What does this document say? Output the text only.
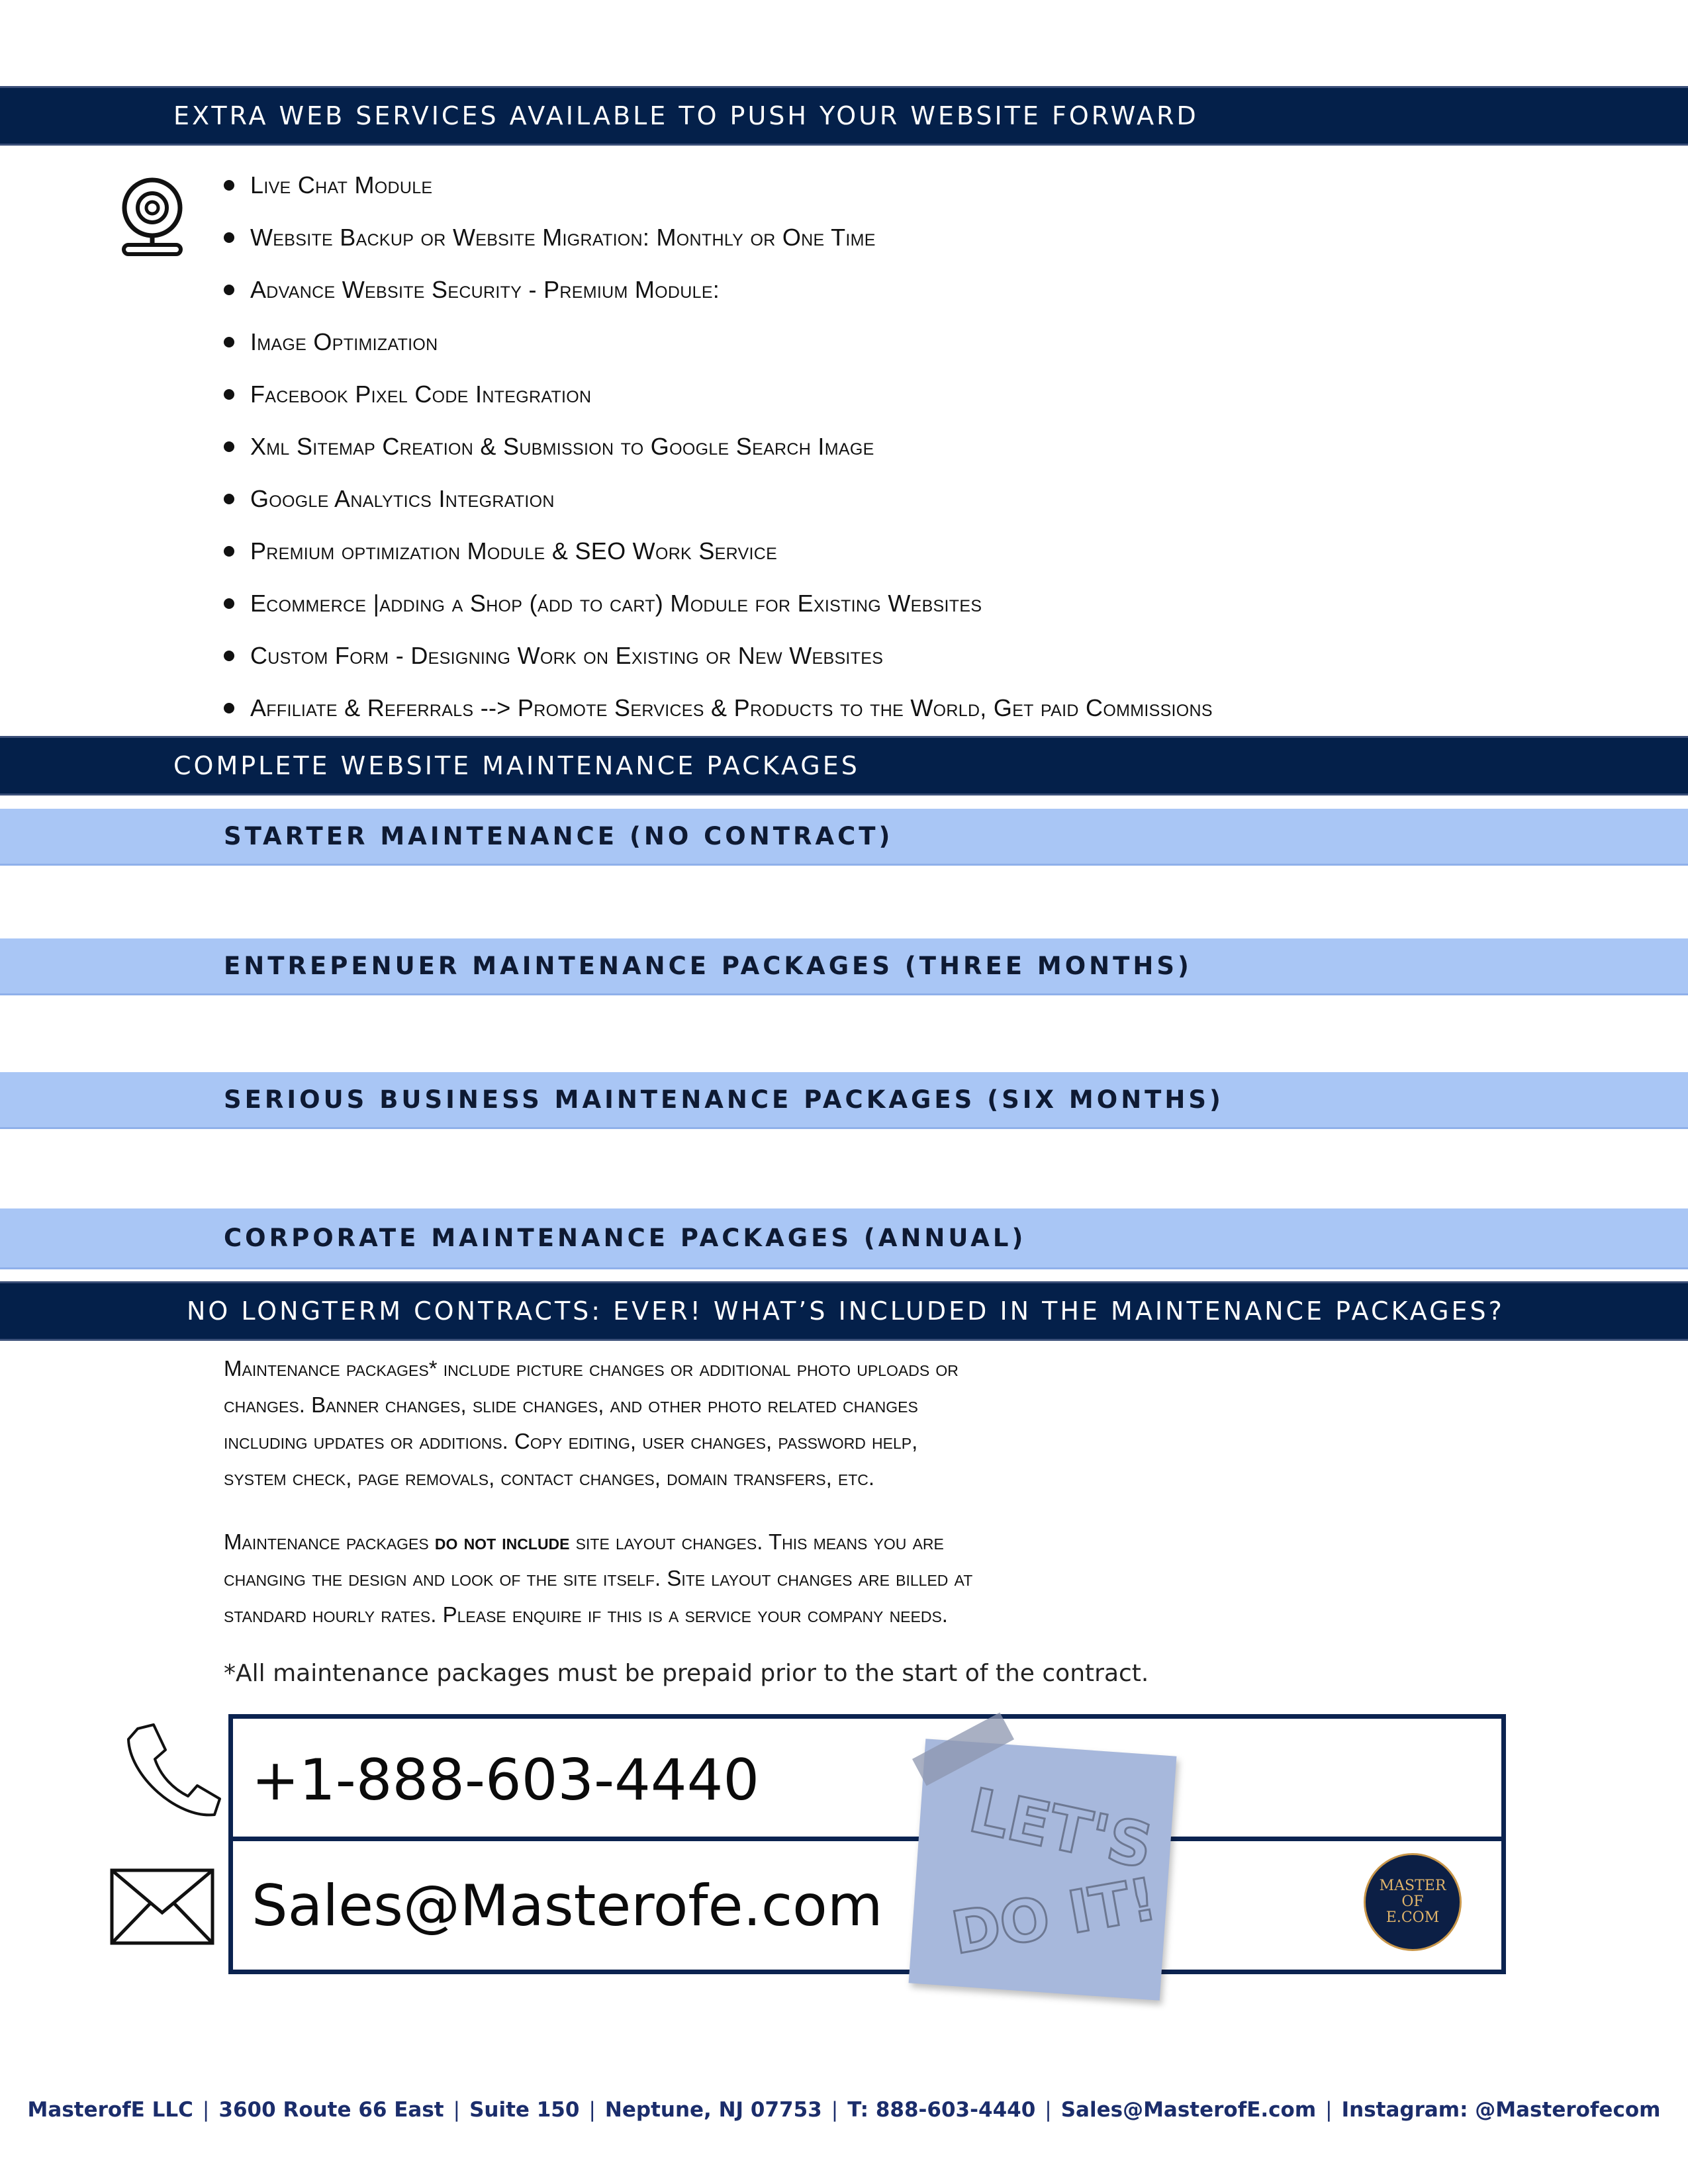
EXTRA WEB SERVICES AVAILABLE TO PUSH YOUR WEBSITE FORWARD
Live Chat Module
Website Backup or Website Migration: Monthly or One Time
Advance Website Security - Premium Module:
Image Optimization
Facebook Pixel Code Integration
Xml Sitemap Creation & Submission to Google Search Image
Google Analytics Integration
Premium optimization Module & SEO Work Service
Ecommerce |adding a Shop (add to cart) Module for Existing Websites
Custom Form - Designing Work on Existing or New Websites
Affiliate & Referrals --> Promote Services & Products to the World, Get paid Commissions
COMPLETE WEBSITE MAINTENANCE PACKAGES
STARTER MAINTENANCE (NO CONTRACT)
ENTREPENUER MAINTENANCE PACKAGES (THREE MONTHS)
SERIOUS BUSINESS MAINTENANCE PACKAGES (SIX MONTHS)
CORPORATE MAINTENANCE PACKAGES (ANNUAL)
NO LONGTERM CONTRACTS: EVER! WHAT’S INCLUDED IN THE MAINTENANCE PACKAGES?
Maintenance packages* include picture changes or additional photo uploads or
changes. Banner changes, slide changes, and other photo related changes
including updates or additions. Copy editing, user changes, password help,
system check, page removals, contact changes, domain transfers, etc.
Maintenance packages do not include site layout changes. This means you are
changing the design and look of the site itself. Site layout changes are billed at
standard hourly rates. Please enquire if this is a service your company needs.
*All maintenance packages must be prepaid prior to the start of the contract.
+1-888-603-4440
Sales@Masterofe.com
LET'S
DO IT!	MASTER
OF
E.COM
MasterofE LLC | 3600 Route 66 East | Suite 150 | Neptune, NJ 07753 | T: 888-603-4440 | Sales@MasterofE.com | Instagram: @Masterofecom
